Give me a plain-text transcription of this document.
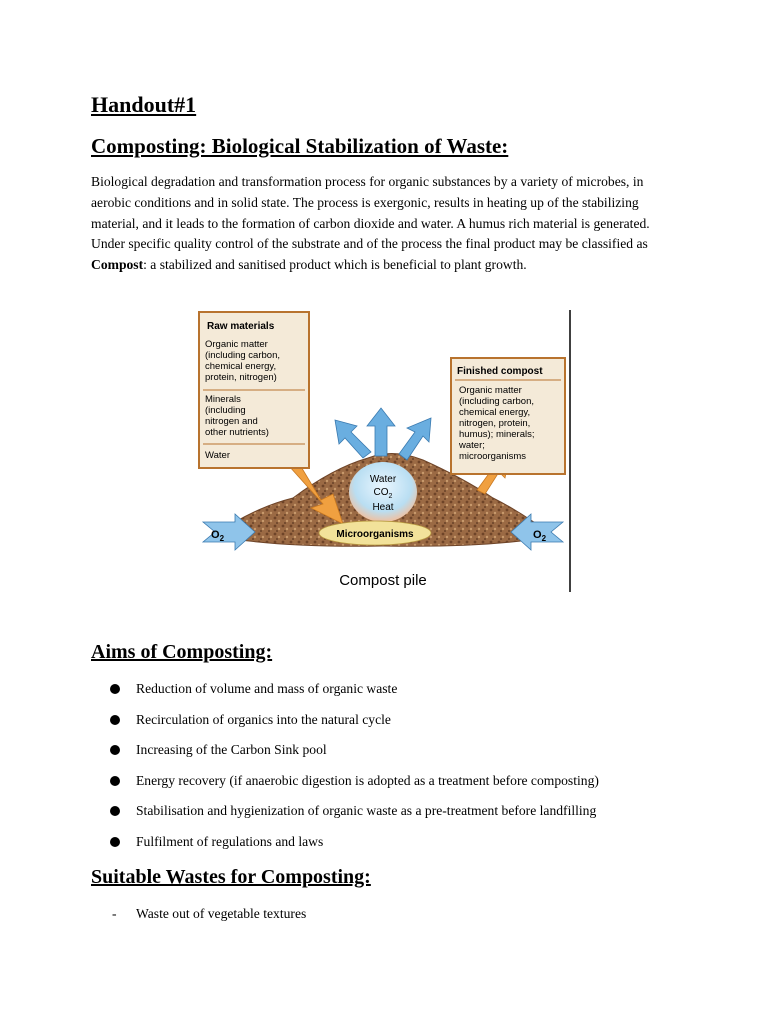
Handout#1
Composting: Biological Stabilization of Waste:

Biological degradation and transformation process for organic substances by a variety of microbes, in aerobic conditions and in solid state. The process is exergonic, results in heating up of the stabilizing material, and it leads to the formation of carbon dioxide and water. A humus rich material is generated. Under specific quality control of the substrate and of the process the final product may be classified as Compost: a stabilized and sanitised product which is beneficial to plant growth.

$O_2$	$O_2$
Water
$CO_2$
Heat
Microorganisms
Compost pile
Raw materials
Organic matter (including carbon, chemical energy, protein, nitrogen)
Minerals (including nitrogen and other nutrients)
Water
Finished compost
Organic matter (including carbon, chemical energy, nitrogen, protein, humus); minerals; water; microorganisms
Aims of Composting:
Reduction of volume and mass of organic waste
Recirculation of organics into the natural cycle
Increasing of the Carbon Sink pool
Energy recovery (if anaerobic digestion is adopted as a treatment before composting)
Stabilisation and hygienization of organic waste as a pre-treatment before landfilling
Fulfilment of regulations and laws
Suitable Wastes for Composting:
- Waste out of vegetable textures
